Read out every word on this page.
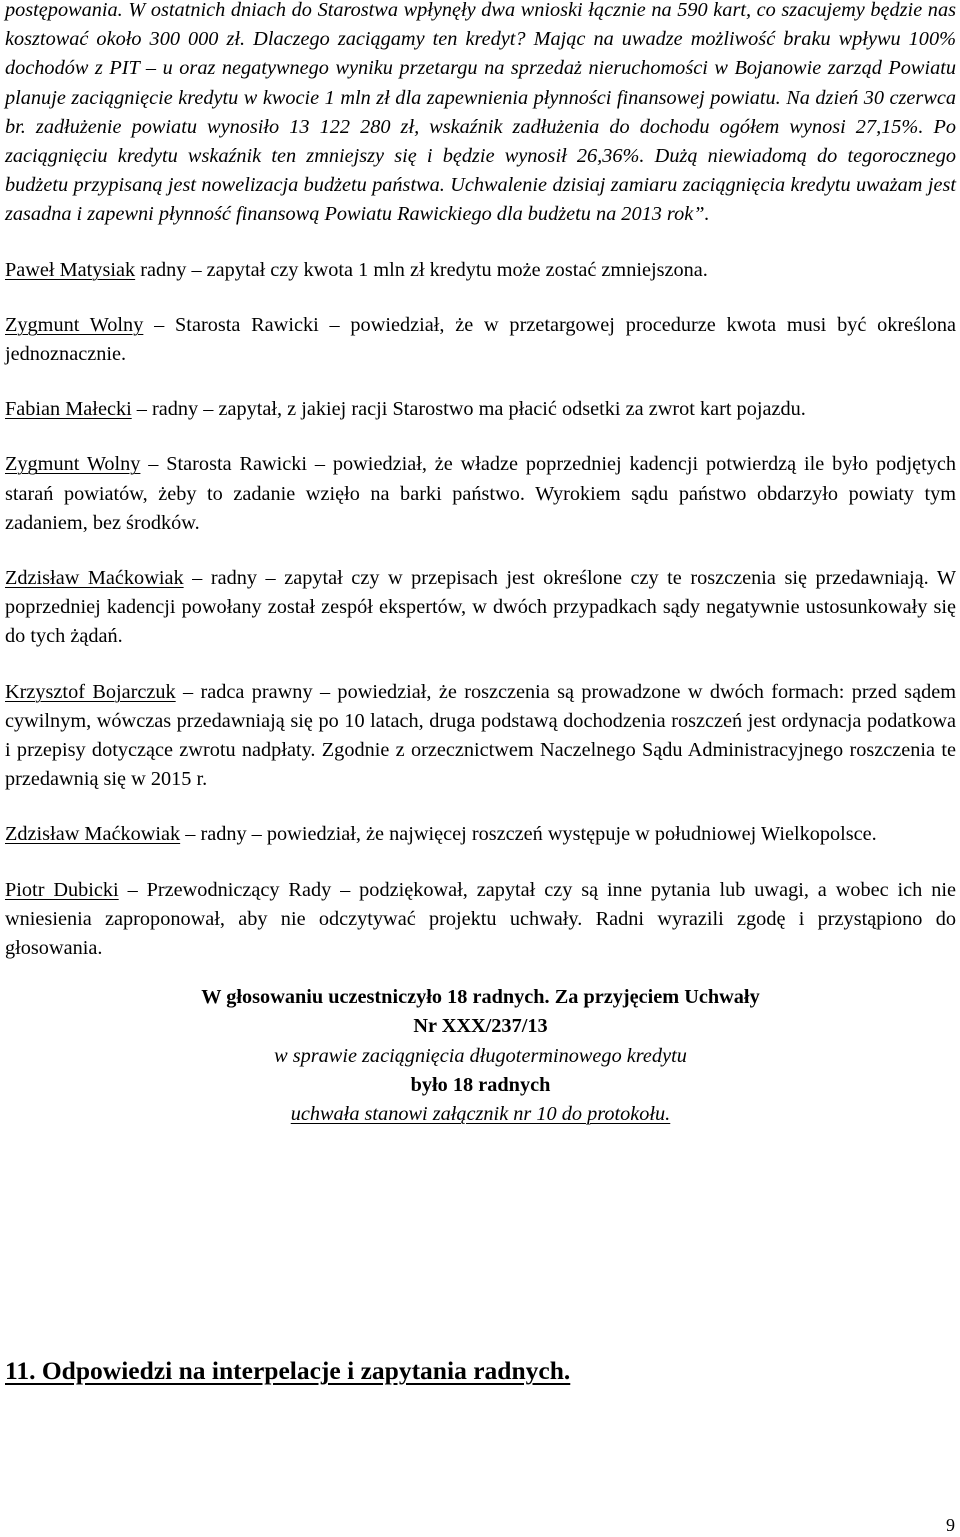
postępowania. W ostatnich dniach do Starostwa wpłynęły dwa wnioski łącznie na 590 kart, co szacujemy będzie nas kosztować około 300 000 zł. Dlaczego zaciągamy ten kredyt? Mając na uwadze możliwość braku wpływu 100% dochodów z PIT – u oraz negatywnego wyniku przetargu na sprzedaż nieruchomości w Bojanowie zarząd Powiatu planuje zaciągnięcie kredytu w kwocie 1 mln zł dla zapewnienia płynności finansowej powiatu. Na dzień 30 czerwca br. zadłużenie powiatu wynosiło 13 122 280 zł, wskaźnik zadłużenia do dochodu ogółem wynosi 27,15%. Po zaciągnięciu kredytu wskaźnik ten zmniejszy się i będzie wynosił 26,36%. Dużą niewiadomą do tegorocznego budżetu przypisaną jest nowelizacja budżetu państwa. Uchwalenie dzisiaj zamiaru zaciągnięcia kredytu uważam jest zasadna i zapewni płynność finansową Powiatu Rawickiego dla budżetu na 2013 rok”.

Paweł Matysiak radny – zapytał czy kwota 1 mln zł kredytu może zostać zmniejszona.

Zygmunt Wolny – Starosta Rawicki – powiedział, że w przetargowej procedurze kwota musi być określona jednoznacznie.

Fabian Małecki – radny – zapytał, z jakiej racji Starostwo ma płacić odsetki za zwrot kart pojazdu.

Zygmunt Wolny – Starosta Rawicki – powiedział, że władze poprzedniej kadencji potwierdzą ile było podjętych starań powiatów, żeby to zadanie wzięło na barki państwo. Wyrokiem sądu państwo obdarzyło powiaty tym zadaniem, bez środków.

Zdzisław Maćkowiak – radny – zapytał czy w przepisach jest określone czy te roszczenia się przedawniają. W poprzedniej kadencji powołany został zespół ekspertów, w dwóch przypadkach sądy negatywnie ustosunkowały się do tych żądań.

Krzysztof Bojarczuk – radca prawny – powiedział, że roszczenia są prowadzone w dwóch formach: przed sądem cywilnym, wówczas przedawniają się po 10 latach, druga podstawą dochodzenia roszczeń jest ordynacja podatkowa i przepisy dotyczące zwrotu nadpłaty. Zgodnie z orzecznictwem Naczelnego Sądu Administracyjnego roszczenia te przedawnią się w 2015 r.

Zdzisław Maćkowiak – radny – powiedział, że najwięcej roszczeń występuje w południowej Wielkopolsce.

Piotr Dubicki – Przewodniczący Rady – podziękował, zapytał czy są inne pytania lub uwagi, a wobec ich nie wniesienia zaproponował, aby nie odczytywać projektu uchwały. Radni wyrazili zgodę i przystąpiono do głosowania.

W głosowaniu uczestniczyło 18 radnych. Za przyjęciem Uchwały

Nr XXX/237/13

w sprawie zaciągnięcia długoterminowego kredytu

było 18 radnych

uchwała stanowi załącznik nr 10 do protokołu.

11. Odpowiedzi na interpelacje i zapytania radnych.

9
